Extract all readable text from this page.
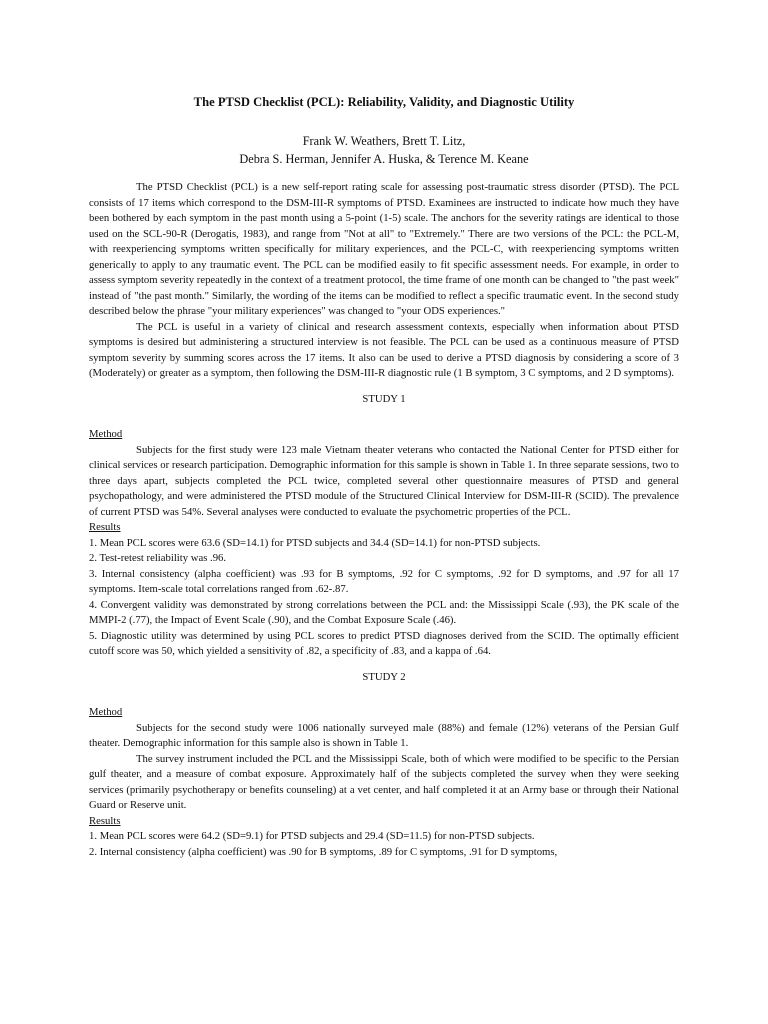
The PTSD Checklist (PCL): Reliability, Validity, and Diagnostic Utility
Frank W. Weathers, Brett T. Litz,
Debra S. Herman, Jennifer A. Huska, & Terence M. Keane

The PTSD Checklist (PCL) is a new self-report rating scale for assessing post-traumatic stress disorder (PTSD). The PCL consists of 17 items which correspond to the DSM-III-R symptoms of PTSD. Examinees are instructed to indicate how much they have been bothered by each symptom in the past month using a 5-point (1-5) scale. The anchors for the severity ratings are identical to those used on the SCL-90-R (Derogatis, 1983), and range from "Not at all" to "Extremely." There are two versions of the PCL: the PCL-M, with reexperiencing symptoms written specifically for military experiences, and the PCL-C, with reexperiencing symptoms written generically to apply to any traumatic event. The PCL can be modified easily to fit specific assessment needs. For example, in order to assess symptom severity repeatedly in the context of a treatment protocol, the time frame of one month can be changed to "the past week" instead of "the past month." Similarly, the wording of the items can be modified to reflect a specific traumatic event. In the second study described below the phrase "your military experiences" was changed to "your ODS experiences."

The PCL is useful in a variety of clinical and research assessment contexts, especially when information about PTSD symptoms is desired but administering a structured interview is not feasible. The PCL can be used as a continuous measure of PTSD symptom severity by summing scores across the 17 items. It also can be used to derive a PTSD diagnosis by considering a score of 3 (Moderately) or greater as a symptom, then following the DSM-III-R diagnostic rule (1 B symptom, 3 C symptoms, and 2 D symptoms).

STUDY 1
Method

Subjects for the first study were 123 male Vietnam theater veterans who contacted the National Center for PTSD either for clinical services or research participation. Demographic information for this sample is shown in Table 1. In three separate sessions, two to three days apart, subjects completed the PCL twice, completed several other questionnaire measures of PTSD and general psychopathology, and were administered the PTSD module of the Structured Clinical Interview for DSM-III-R (SCID). The prevalence of current PTSD was 54%. Several analyses were conducted to evaluate the psychometric properties of the PCL.

Results
1. Mean PCL scores were 63.6 (SD=14.1) for PTSD subjects and 34.4 (SD=14.1) for non-PTSD subjects.
2. Test-retest reliability was .96.
3. Internal consistency (alpha coefficient) was .93 for B symptoms, .92 for C symptoms, .92 for D symptoms, and .97 for all 17 symptoms. Item-scale total correlations ranged from .62-.87.
4. Convergent validity was demonstrated by strong correlations between the PCL and: the Mississippi Scale (.93), the PK scale of the MMPI-2 (.77), the Impact of Event Scale (.90), and the Combat Exposure Scale (.46).
5. Diagnostic utility was determined by using PCL scores to predict PTSD diagnoses derived from the SCID. The optimally efficient cutoff score was 50, which yielded a sensitivity of .82, a specificity of .83, and a kappa of .64.
STUDY 2
Method

Subjects for the second study were 1006 nationally surveyed male (88%) and female (12%) veterans of the Persian Gulf theater. Demographic information for this sample also is shown in Table 1.

The survey instrument included the PCL and the Mississippi Scale, both of which were modified to be specific to the Persian gulf theater, and a measure of combat exposure. Approximately half of the subjects completed the survey when they were seeking services (primarily psychotherapy or benefits counseling) at a vet center, and half completed it at an Army base or through their National Guard or Reserve unit.

Results
1. Mean PCL scores were 64.2 (SD=9.1) for PTSD subjects and 29.4 (SD=11.5) for non-PTSD subjects.
2. Internal consistency (alpha coefficient) was .90 for B symptoms, .89 for C symptoms, .91 for D symptoms,
